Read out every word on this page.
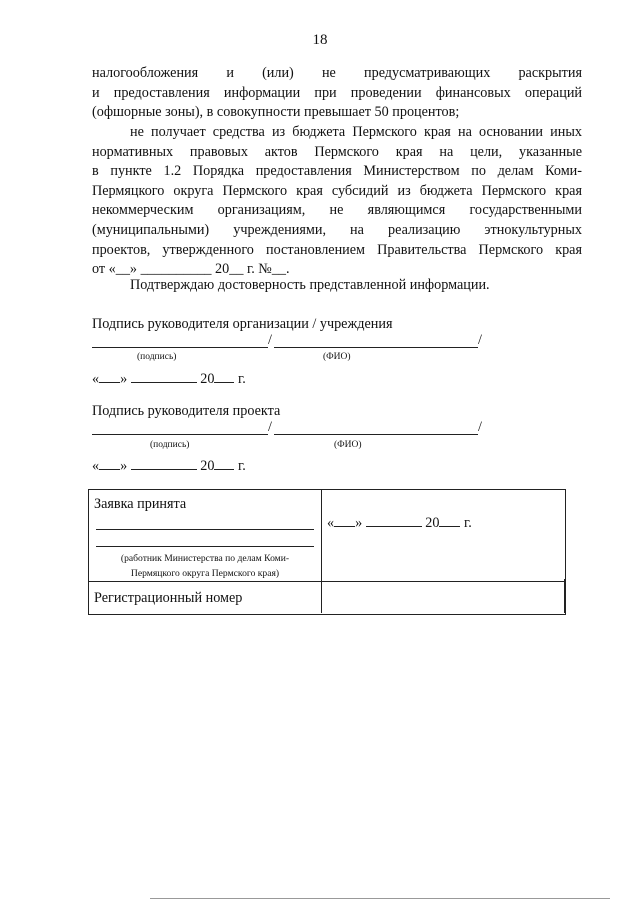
18
налогообложения и (или) не предусматривающих раскрытия
и предоставления информации при проведении финансовых операций
(офшорные зоны), в совокупности превышает 50 процентов;
не получает средства из бюджета Пермского края на основании иных
нормативных правовых актов Пермского края на цели, указанные
в пункте 1.2 Порядка предоставления Министерством по делам Коми-
Пермяцкого округа Пермского края субсидий из бюджета Пермского края
некоммерческим организациям, не являющимся государственными
(муниципальными) учреждениями, на реализацию этнокультурных
проектов, утвержденного постановлением Правительства Пермского края
от «__» __________ 20__ г. №__.
Подтверждаю достоверность представленной информации.
Подпись руководителя организации / учреждения
/	/
(подпись)	(ФИО)
« »	20 г.
Подпись руководителя проекта
/	/
(подпись)	(ФИО)
« »	20 г.
Заявка принята
(работник Министерства по делам Коми-
Пермяцкого округа Пермского края)
« »	20 г.
Регистрационный номер
